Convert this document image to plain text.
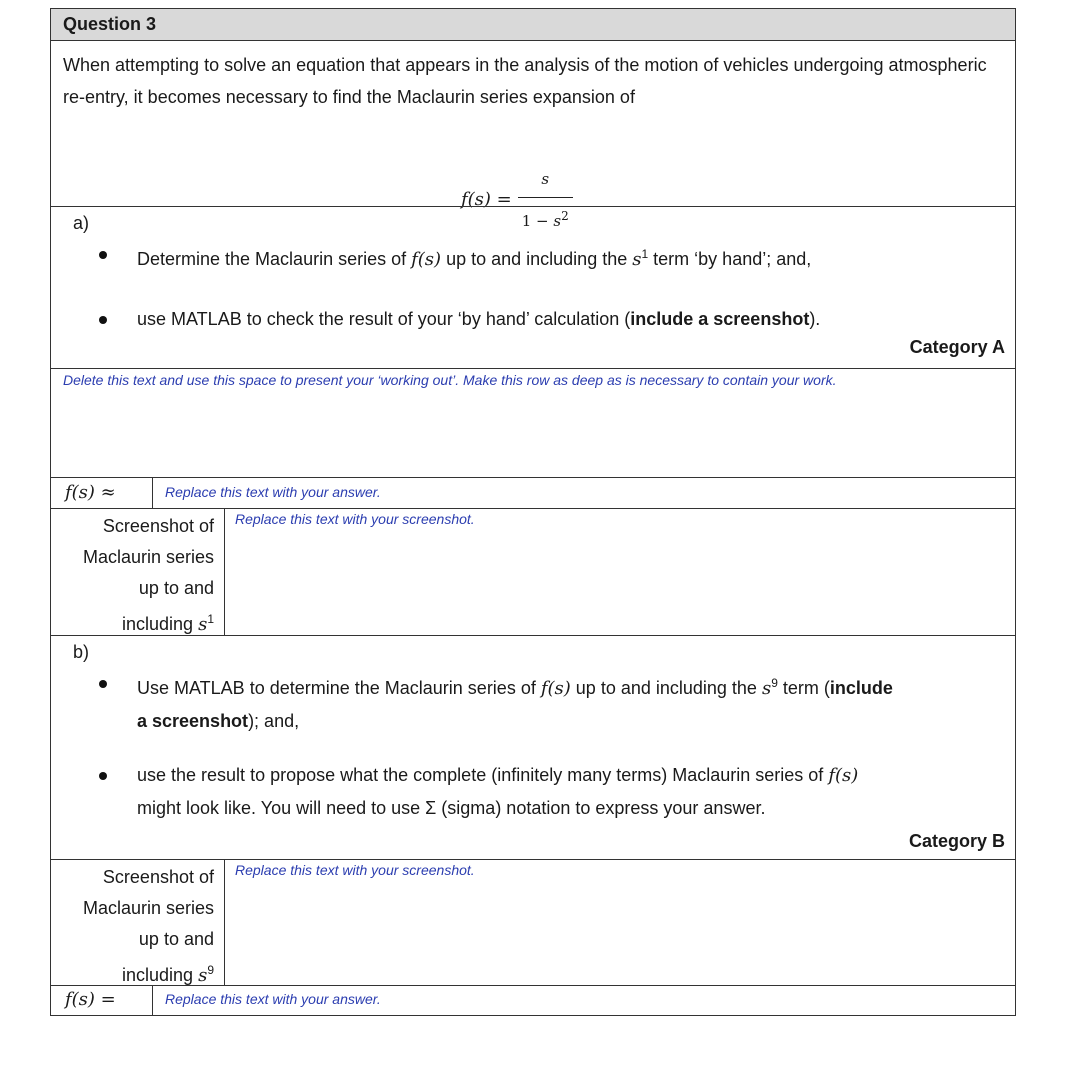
Question 3
When attempting to solve an equation that appears in the analysis of the motion of vehicles undergoing atmospheric re-entry, it becomes necessary to find the Maclaurin series expansion of
$f(s) = \frac{s}{1 - s^2}$
a)
Determine the Maclaurin series of f(s) up to and including the $s^1$ term ‘by hand’; and,
use MATLAB to check the result of your ‘by hand’ calculation (include a screenshot).
Category A
Delete this text and use this space to present your ‘working out’. Make this row as deep as is necessary to contain your work.
f(s) ≈	Replace this text with your answer.
Screenshot of
Maclaurin series
up to and
including $s^1$
Replace this text with your screenshot.
b)
Use MATLAB to determine the Maclaurin series of f(s) up to and including the $s^9$ term (include
a screenshot); and,
use the result to propose what the complete (infinitely many terms) Maclaurin series of f(s)
might look like. You will need to use Σ (sigma) notation to express your answer.
Category B
Screenshot of
Maclaurin series
up to and
including $s^9$
Replace this text with your screenshot.
f(s) =	Replace this text with your answer.
